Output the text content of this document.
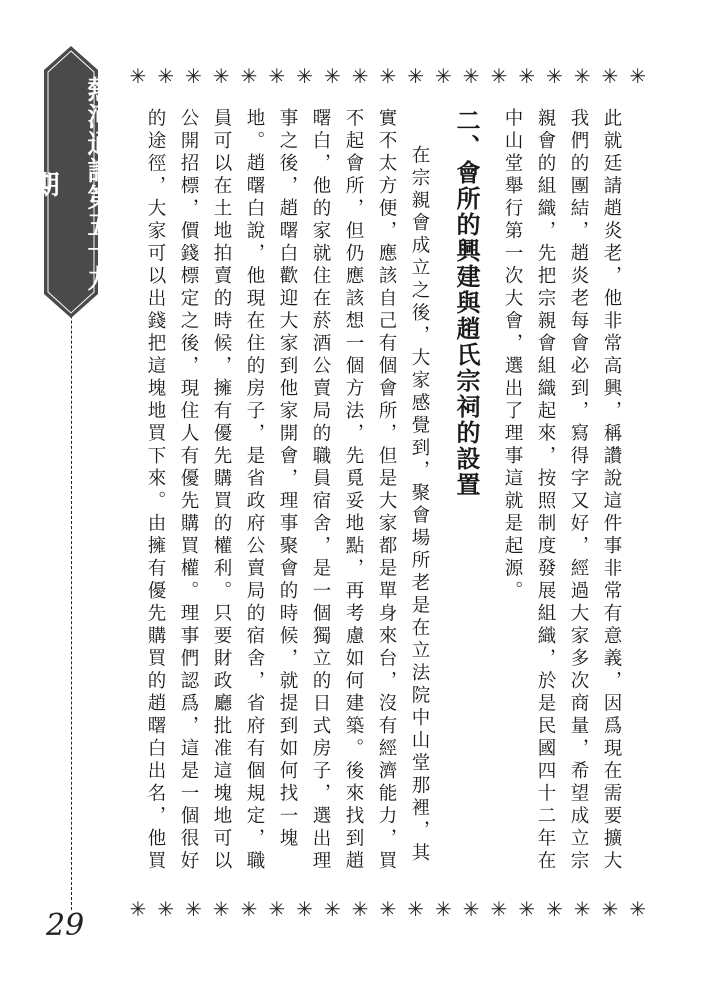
熱河通訊第五十九期
29
✳ ✳ ✳ ✳ ✳ ✳ ✳ ✳ ✳ ✳ ✳ ✳ ✳ ✳ ✳ ✳ ✳ ✳ ✳
✳ ✳ ✳ ✳ ✳ ✳ ✳ ✳ ✳ ✳ ✳ ✳ ✳ ✳ ✳ ✳ ✳ ✳ ✳

此就廷請趙炎老，他非常高興，稱讚說這件事非常有意義，因爲現在需要擴大我們的團結，趙炎老每會必到，寫得字又好，經過大家多次商量，希望成立宗親會的組織，先把宗親會組織起來，按照制度發展組織，於是民國四十二年在中山堂舉行第一次大會，選出了理事這就是起源。

二、會所的興建與趙氏宗祠的設置

在宗親會成立之後，大家感覺到，聚會場所老是在立法院中山堂那裡，其實不太方便，應該自己有個會所，但是大家都是單身來台，沒有經濟能力，買不起會所，但仍應該想一個方法，先覓妥地點，再考慮如何建築。後來找到趙曙白，他的家就住在菸酒公賣局的職員宿舍，是一個獨立的日式房子，選出理事之後，趙曙白歡迎大家到他家開會，理事聚會的時候，就提到如何找一塊地。趙曙白說，他現在住的房子，是省政府公賣局的宿舍，省府有個規定，職員可以在土地拍賣的時候，擁有優先購買的權利。只要財政廳批准這塊地可以公開招標，價錢標定之後，現住人有優先購買權。理事們認爲，這是一個很好的途徑，大家可以出錢把這塊地買下來。由擁有優先購買的趙曙白出名，他買
